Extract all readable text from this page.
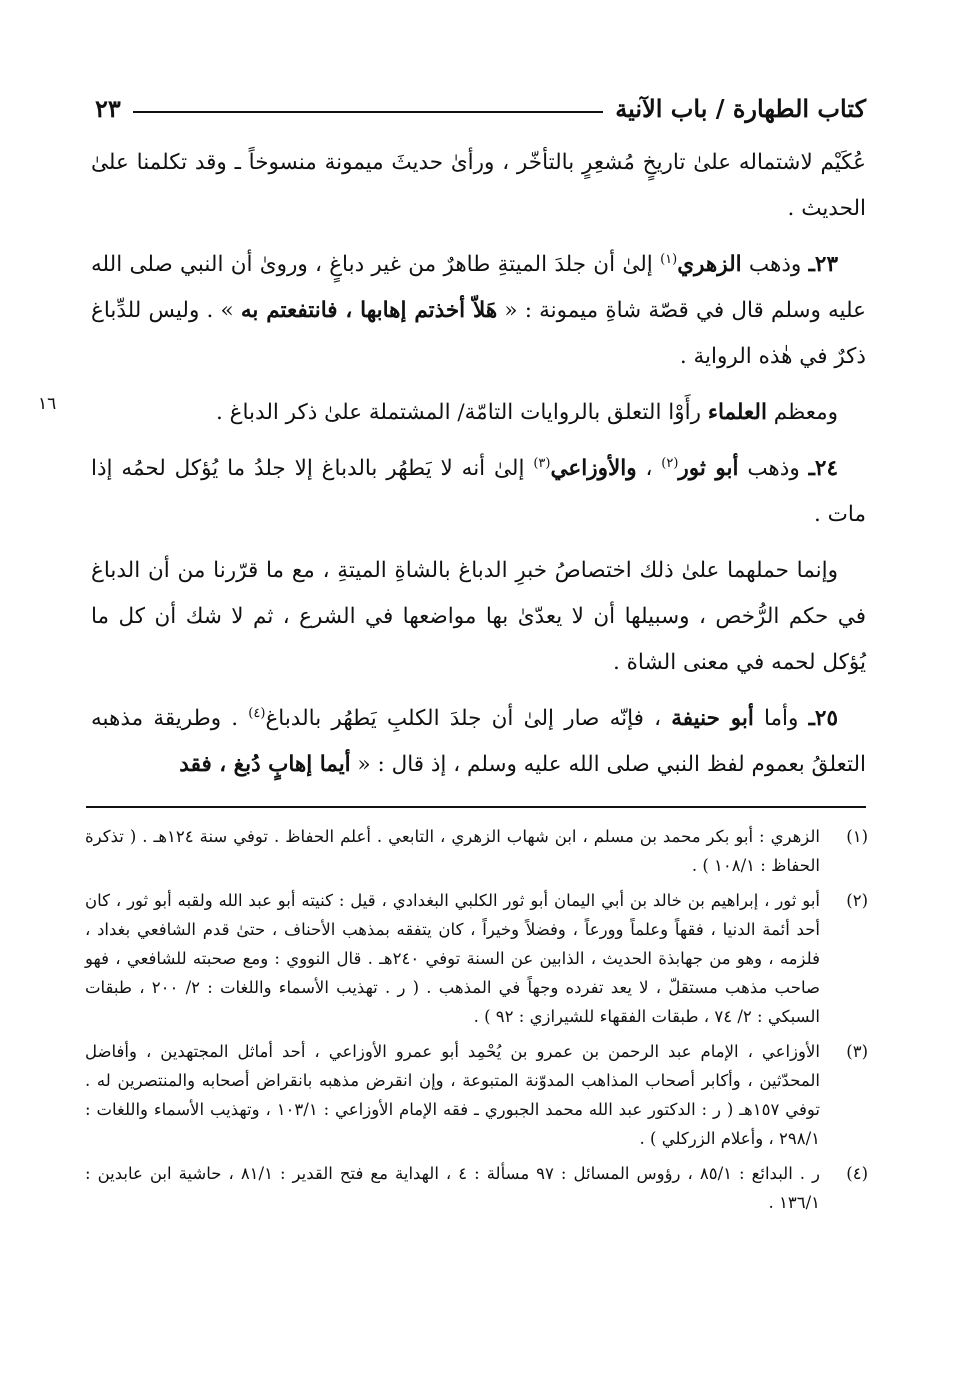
كتاب الطهارة / باب الآنية
٢٣
١٦

عُكَيْم لاشتماله علىٰ تاريخٍ مُشعِرٍ بالتأخّر ، ورأىٰ حديثَ ميمونة منسوخاً ـ وقد تكلمنا علىٰ الحديث .

٢٣ـ وذهب الزهري$^{(١)}$ إلىٰ أن جلدَ الميتةِ طاهرٌ من غير دباغٍ ، وروىٰ أن النبي صلى الله عليه وسلم قال في قصّة شاةِ ميمونة : « هَلاّ أخذتم إهابها ، فانتفعتم به » . وليس للدِّباغ ذكرٌ في هٰذه الرواية .

ومعظم العلماء رأَوْا التعلق بالروايات التامّة/ المشتملة علىٰ ذكر الدباغ .

٢٤ـ وذهب أبو ثور$^{(٢)}$ ، والأوزاعي$^{(٣)}$ إلىٰ أنه لا يَطهُر بالدباغ إلا جلدُ ما يُؤكل لحمُه إذا مات .

وإنما حملهما علىٰ ذلك اختصاصُ خبرِ الدباغ بالشاةِ الميتةِ ، مع ما قرّرنا من أن الدباغ في حكم الرُّخص ، وسبيلها أن لا يعدّىٰ بها مواضعها في الشرع ، ثم لا شك أن كل ما يُؤكل لحمه في معنى الشاة .

٢٥ـ وأما أبو حنيفة ، فإنّه صار إلىٰ أن جلدَ الكلبِ يَطهُر بالدباغ$^{(٤)}$ . وطريقة مذهبه التعلقُ بعموم لفظ النبي صلى الله عليه وسلم ، إذ قال : « أيما إهابٍ دُبغ ، فقد

(١)
الزهري : أبو بكر محمد بن مسلم ، ابن شهاب الزهري ، التابعي . أعلم الحفاظ . توفي سنة ١٢٤هـ . ( تذكرة الحفاظ : ١٠٨/١ ) .
(٢)
أبو ثور ، إبراهيم بن خالد بن أبي اليمان أبو ثور الكلبي البغدادي ، قيل : كنيته أبو عبد الله ولقبه أبو ثور ، كان أحد أئمة الدنيا ، فقهاً وعلماً وورعاً ، وفضلاً وخيراً ، كان يتفقه بمذهب الأحناف ، حتىٰ قدم الشافعي بغداد ، فلزمه ، وهو من جهابذة الحديث ، الذابين عن السنة توفي ٢٤٠هـ . قال النووي : ومع صحبته للشافعي ، فهو صاحب مذهب مستقلّ ، لا يعد تفرده وجهاً في المذهب . ( ر . تهذيب الأسماء واللغات : ٢/ ٢٠٠ ، طبقات السبكي : ٢/ ٧٤ ، طبقات الفقهاء للشيرازي : ٩٢ ) .
(٣)
الأوزاعي ، الإمام عبد الرحمن بن عمرو بن يُحْمِد أبو عمرو الأوزاعي ، أحد أماثل المجتهدين ، وأفاضل المحدّثين ، وأكابر أصحاب المذاهب المدوّنة المتبوعة ، وإن انقرض مذهبه بانقراض أصحابه والمنتصرين له . توفي ١٥٧هـ ( ر : الدكتور عبد الله محمد الجبوري ـ فقه الإمام الأوزاعي : ١٠٣/١ ، وتهذيب الأسماء واللغات : ٢٩٨/١ ، وأعلام الزركلي ) .
(٤)
ر . البدائع : ٨٥/١ ، رؤوس المسائل : ٩٧ مسألة : ٤ ، الهداية مع فتح القدير : ٨١/١ ، حاشية ابن عابدين : ١٣٦/١ .
